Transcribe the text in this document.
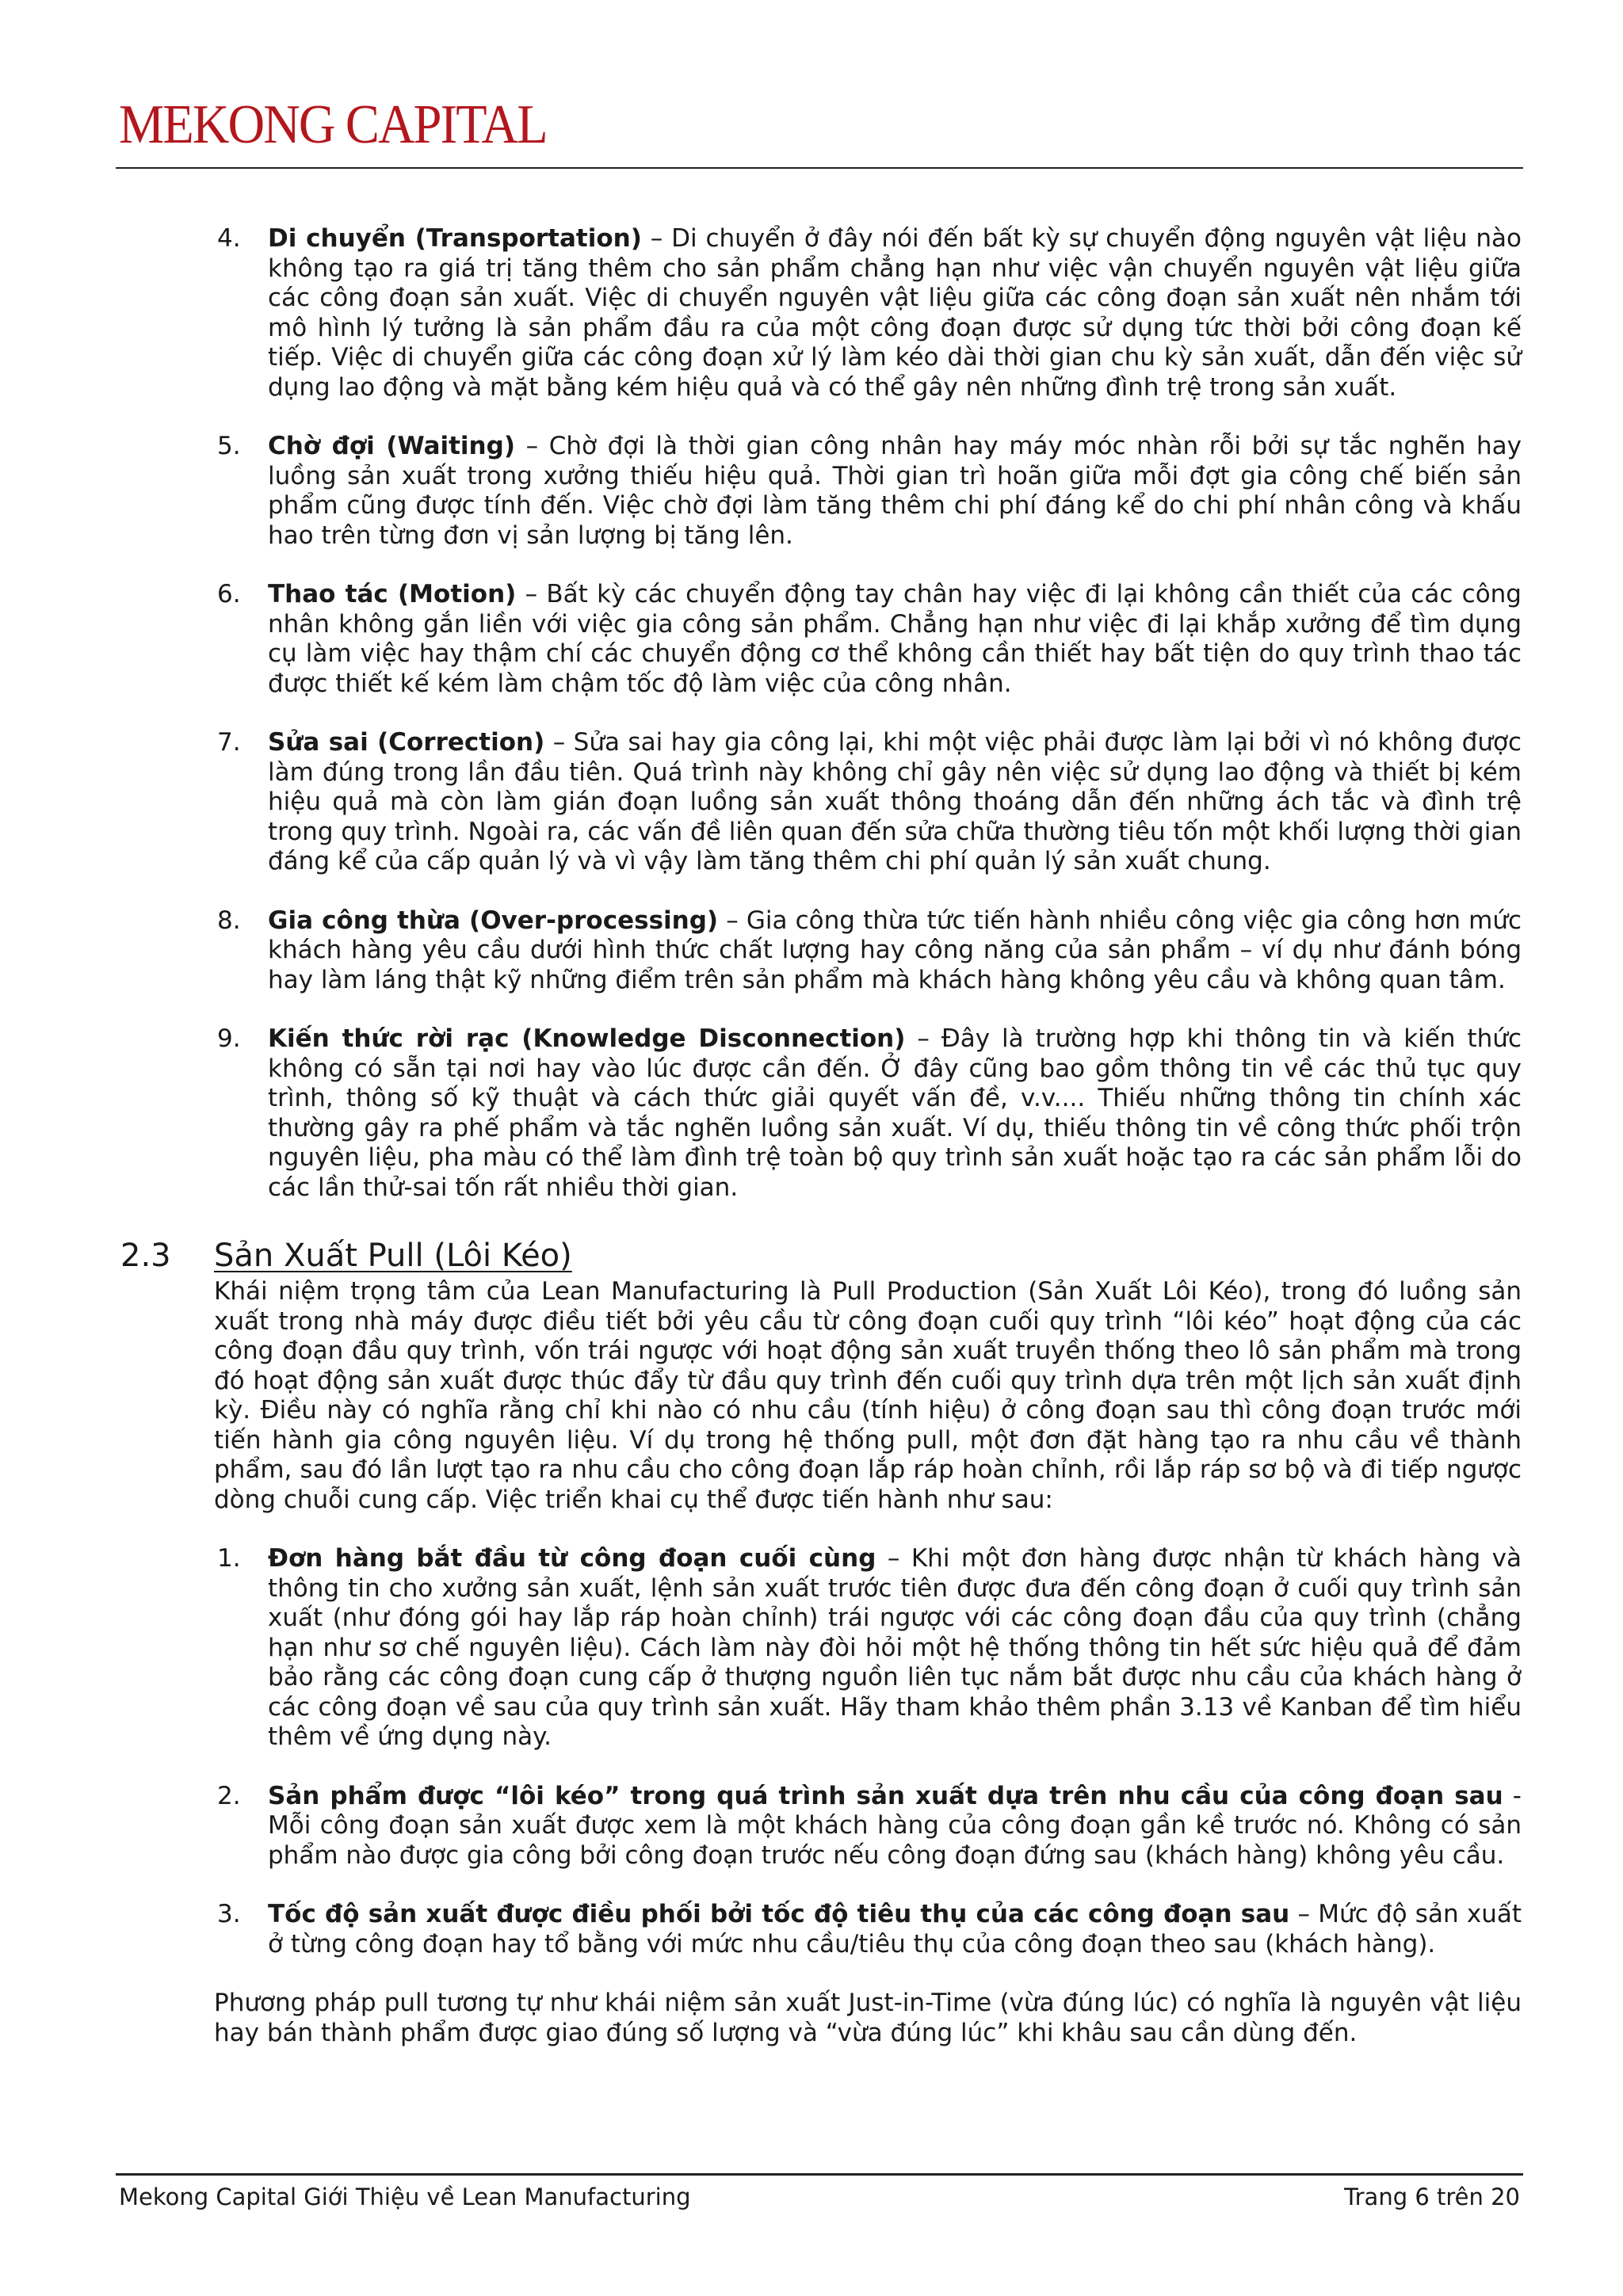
MEKONG CAPITAL
4. Di chuyển (Transportation) – Di chuyển ở đây nói đến bất kỳ sự chuyển động nguyên vật liệu nào không tạo ra giá trị tăng thêm cho sản phẩm chẳng hạn như việc vận chuyển nguyên vật liệu giữa các công đoạn sản xuất. Việc di chuyển nguyên vật liệu giữa các công đoạn sản xuất nên nhắm tới mô hình lý tưởng là sản phẩm đầu ra của một công đoạn được sử dụng tức thời bởi công đoạn kế tiếp. Việc di chuyển giữa các công đoạn xử lý làm kéo dài thời gian chu kỳ sản xuất, dẫn đến việc sử dụng lao động và mặt bằng kém hiệu quả và có thể gây nên những đình trệ trong sản xuất.
5. Chờ đợi (Waiting) – Chờ đợi là thời gian công nhân hay máy móc nhàn rỗi bởi sự tắc nghẽn hay luồng sản xuất trong xưởng thiếu hiệu quả. Thời gian trì hoãn giữa mỗi đợt gia công chế biến sản phẩm cũng được tính đến. Việc chờ đợi làm tăng thêm chi phí đáng kể do chi phí nhân công và khấu hao trên từng đơn vị sản lượng bị tăng lên.
6. Thao tác (Motion) – Bất kỳ các chuyển động tay chân hay việc đi lại không cần thiết của các công nhân không gắn liền với việc gia công sản phẩm. Chẳng hạn như việc đi lại khắp xưởng để tìm dụng cụ làm việc hay thậm chí các chuyển động cơ thể không cần thiết hay bất tiện do quy trình thao tác được thiết kế kém làm chậm tốc độ làm việc của công nhân.
7. Sửa sai (Correction) – Sửa sai hay gia công lại, khi một việc phải được làm lại bởi vì nó không được làm đúng trong lần đầu tiên. Quá trình này không chỉ gây nên việc sử dụng lao động và thiết bị kém hiệu quả mà còn làm gián đoạn luồng sản xuất thông thoáng dẫn đến những ách tắc và đình trệ trong quy trình. Ngoài ra, các vấn đề liên quan đến sửa chữa thường tiêu tốn một khối lượng thời gian đáng kể của cấp quản lý và vì vậy làm tăng thêm chi phí quản lý sản xuất chung.
8. Gia công thừa (Over-processing) – Gia công thừa tức tiến hành nhiều công việc gia công hơn mức khách hàng yêu cầu dưới hình thức chất lượng hay công năng của sản phẩm – ví dụ như đánh bóng hay làm láng thật kỹ những điểm trên sản phẩm mà khách hàng không yêu cầu và không quan tâm.
9. Kiến thức rời rạc (Knowledge Disconnection) – Đây là trường hợp khi thông tin và kiến thức không có sẵn tại nơi hay vào lúc được cần đến. Ở đây cũng bao gồm thông tin về các thủ tục quy trình, thông số kỹ thuật và cách thức giải quyết vấn đề, v.v.... Thiếu những thông tin chính xác thường gây ra phế phẩm và tắc nghẽn luồng sản xuất. Ví dụ, thiếu thông tin về công thức phối trộn nguyên liệu, pha màu có thể làm đình trệ toàn bộ quy trình sản xuất hoặc tạo ra các sản phẩm lỗi do các lần thử-sai tốn rất nhiều thời gian.
2.3 Sản Xuất Pull (Lôi Kéo)

Khái niệm trọng tâm của Lean Manufacturing là Pull Production (Sản Xuất Lôi Kéo), trong đó luồng sản xuất trong nhà máy được điều tiết bởi yêu cầu từ công đoạn cuối quy trình “lôi kéo” hoạt động của các công đoạn đầu quy trình, vốn trái ngược với hoạt động sản xuất truyền thống theo lô sản phẩm mà trong đó hoạt động sản xuất được thúc đẩy từ đầu quy trình đến cuối quy trình dựa trên một lịch sản xuất định kỳ. Điều này có nghĩa rằng chỉ khi nào có nhu cầu (tính hiệu) ở công đoạn sau thì công đoạn trước mới tiến hành gia công nguyên liệu. Ví dụ trong hệ thống pull, một đơn đặt hàng tạo ra nhu cầu về thành phẩm, sau đó lần lượt tạo ra nhu cầu cho công đoạn lắp ráp hoàn chỉnh, rồi lắp ráp sơ bộ và đi tiếp ngược dòng chuỗi cung cấp. Việc triển khai cụ thể được tiến hành như sau:

1. Đơn hàng bắt đầu từ công đoạn cuối cùng – Khi một đơn hàng được nhận từ khách hàng và thông tin cho xưởng sản xuất, lệnh sản xuất trước tiên được đưa đến công đoạn ở cuối quy trình sản xuất (như đóng gói hay lắp ráp hoàn chỉnh) trái ngược với các công đoạn đầu của quy trình (chẳng hạn như sơ chế nguyên liệu). Cách làm này đòi hỏi một hệ thống thông tin hết sức hiệu quả để đảm bảo rằng các công đoạn cung cấp ở thượng nguồn liên tục nắm bắt được nhu cầu của khách hàng ở các công đoạn về sau của quy trình sản xuất. Hãy tham khảo thêm phần 3.13 về Kanban để tìm hiểu thêm về ứng dụng này.
2. Sản phẩm được “lôi kéo” trong quá trình sản xuất dựa trên nhu cầu của công đoạn sau - Mỗi công đoạn sản xuất được xem là một khách hàng của công đoạn gần kề trước nó. Không có sản phẩm nào được gia công bởi công đoạn trước nếu công đoạn đứng sau (khách hàng) không yêu cầu.
3. Tốc độ sản xuất được điều phối bởi tốc độ tiêu thụ của các công đoạn sau – Mức độ sản xuất ở từng công đoạn hay tổ bằng với mức nhu cầu/tiêu thụ của công đoạn theo sau (khách hàng).

Phương pháp pull tương tự như khái niệm sản xuất Just-in-Time (vừa đúng lúc) có nghĩa là nguyên vật liệu hay bán thành phẩm được giao đúng số lượng và “vừa đúng lúc” khi khâu sau cần dùng đến.

Mekong Capital Giới Thiệu về Lean Manufacturing	Trang 6 trên 20
